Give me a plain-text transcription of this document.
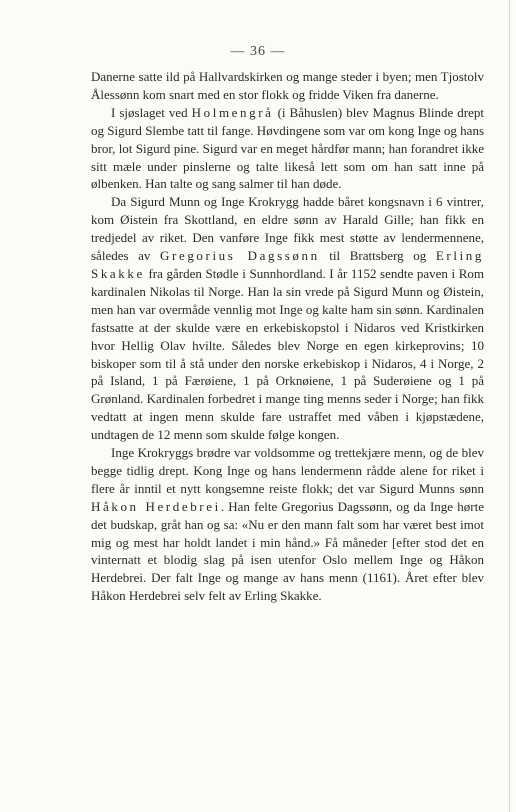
— 36 —

Danerne satte ild på Hallvardskirken og mange steder i byen; men Tjostolv Ålessønn kom snart med en stor flokk og fridde Viken fra danerne.

I sjøslaget ved Holmengrå (i Båhuslen) blev Magnus Blinde drept og Sigurd Slembe tatt til fange. Høvdingene som var om kong Inge og hans bror, lot Sigurd pine. Sigurd var en meget hårdfør mann; han forandret ikke sitt mæle under pinslerne og talte likeså lett som om han satt inne på ølbenken. Han talte og sang salmer til han døde.

Da Sigurd Munn og Inge Krokrygg hadde båret kongsnavn i 6 vintrer, kom Øistein fra Skottland, en eldre sønn av Harald Gille; han fikk en tredjedel av riket. Den vanføre Inge fikk mest støtte av lendermennene, således av Gregorius Dagssønn til Brattsberg og Erling Skakke fra gården Stødle i Sunnhordland. I år 1152 sendte paven i Rom kardinalen Nikolas til Norge. Han la sin vrede på Sigurd Munn og Øistein, men han var overmåde vennlig mot Inge og kalte ham sin sønn. Kardinalen fastsatte at der skulde være en erkebiskopstol i Nidaros ved Kristkirken hvor Hellig Olav hvilte. Således blev Norge en egen kirkeprovins; 10 biskoper som til å stå under den norske erkebiskop i Nidaros, 4 i Norge, 2 på Island, 1 på Færøiene, 1 på Orknøiene, 1 på Suderøiene og 1 på Grønland. Kardinalen forbedret i mange ting menns seder i Norge; han fikk vedtatt at ingen menn skulde fare ustraffet med våben i kjøpstædene, undtagen de 12 menn som skulde følge kongen.

Inge Krokryggs brødre var voldsomme og trettekjære menn, og de blev begge tidlig drept. Kong Inge og hans lendermenn rådde alene for riket i flere år inntil et nytt kongsemne reiste flokk; det var Sigurd Munns sønn Håkon Herdebrei. Han felte Gregorius Dagssønn, og da Inge hørte det budskap, gråt han og sa: «Nu er den mann falt som har været best imot mig og mest har holdt landet i min hånd.» Få måneder [efter stod det en vinternatt et blodig slag på isen utenfor Oslo mellem Inge og Håkon Herdebrei. Der falt Inge og mange av hans menn (1161). Året efter blev Håkon Herdebrei selv felt av Erling Skakke.
